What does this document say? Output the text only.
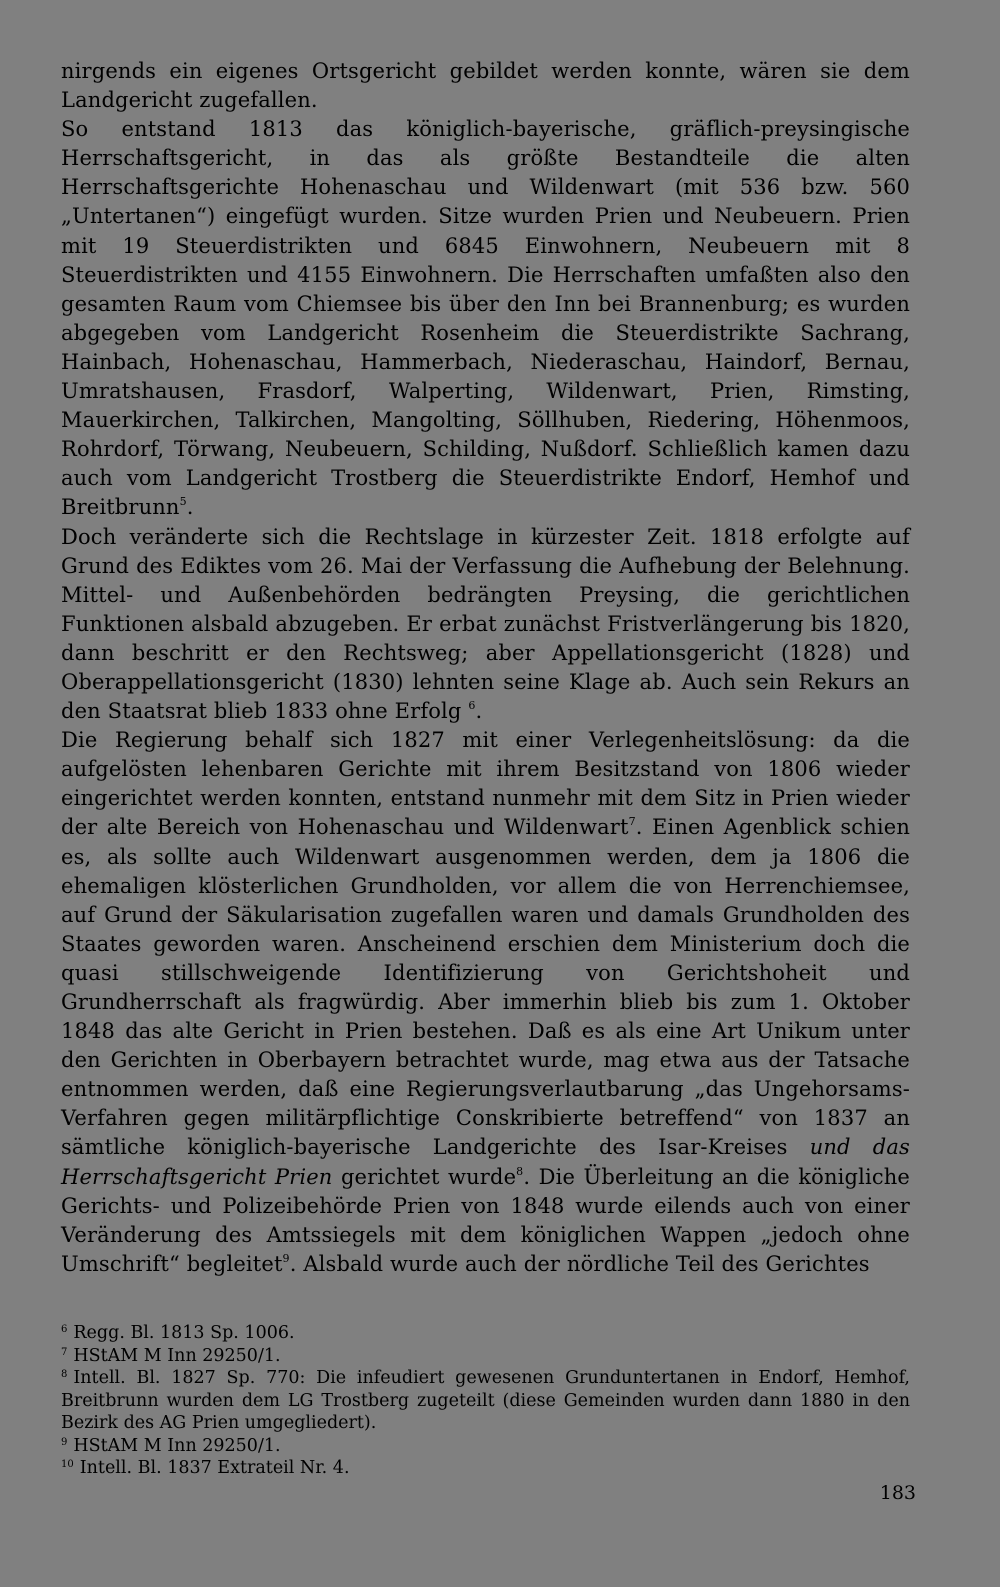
nirgends ein eigenes Ortsgericht gebildet werden konnte, wären sie dem Landgericht zugefallen.

So entstand 1813 das königlich-bayerische, gräflich-preysingische Herrschaftsgericht, in das als größte Bestandteile die alten Herrschaftsgerichte Hohenaschau und Wildenwart (mit 536 bzw. 560 „Untertanen“) eingefügt wurden. Sitze wurden Prien und Neubeuern. Prien mit 19 Steuerdistrikten und 6845 Einwohnern, Neubeuern mit 8 Steuerdistrikten und 4155 Einwohnern. Die Herrschaften umfaßten also den gesamten Raum vom Chiemsee bis über den Inn bei Brannenburg; es wurden abgegeben vom Landgericht Rosenheim die Steuerdistrikte Sachrang, Hainbach, Hohenaschau, Hammerbach, Niederaschau, Haindorf, Bernau, Umratshausen, Frasdorf, Walperting, Wildenwart, Prien, Rimsting, Mauerkirchen, Talkirchen, Mangolting, Söllhuben, Riedering, Höhenmoos, Rohrdorf, Törwang, Neubeuern, Schilding, Nußdorf. Schließlich kamen dazu auch vom Landgericht Trostberg die Steuerdistrikte Endorf, Hemhof und Breitbrunn$^5$.

Doch veränderte sich die Rechtslage in kürzester Zeit. 1818 erfolgte auf Grund des Ediktes vom 26. Mai der Verfassung die Aufhebung der Belehnung. Mittel- und Außenbehörden bedrängten Preysing, die gerichtlichen Funktionen alsbald abzugeben. Er erbat zunächst Fristverlängerung bis 1820, dann beschritt er den Rechtsweg; aber Appellationsgericht (1828) und Oberappellationsgericht (1830) lehnten seine Klage ab. Auch sein Rekurs an den Staatsrat blieb 1833 ohne Erfolg $^6$.

Die Regierung behalf sich 1827 mit einer Verlegenheitslösung: da die aufgelösten lehenbaren Gerichte mit ihrem Besitzstand von 1806 wieder eingerichtet werden konnten, entstand nunmehr mit dem Sitz in Prien wieder der alte Bereich von Hohenaschau und Wildenwart$^7$. Einen Agenblick schien es, als sollte auch Wildenwart ausgenommen werden, dem ja 1806 die ehemaligen klösterlichen Grundholden, vor allem die von Herrenchiemsee, auf Grund der Säkularisation zugefallen waren und damals Grundholden des Staates geworden waren. Anscheinend erschien dem Ministerium doch die quasi stillschweigende Identifizierung von Gerichtshoheit und Grundherrschaft als fragwürdig. Aber immerhin blieb bis zum 1. Oktober 1848 das alte Gericht in Prien bestehen. Daß es als eine Art Unikum unter den Gerichten in Oberbayern betrachtet wurde, mag etwa aus der Tatsache entnommen werden, daß eine Regierungsverlautbarung „das Ungehorsams-Verfahren gegen militärpflichtige Conskribierte betreffend“ von 1837 an sämtliche königlich-bayerische Landgerichte des Isar-Kreises und das Herrschaftsgericht Prien gerichtet wurde$^8$. Die Überleitung an die königliche Gerichts- und Polizeibehörde Prien von 1848 wurde eilends auch von einer Veränderung des Amtssiegels mit dem königlichen Wappen „jedoch ohne Umschrift“ begleitet$^9$. Alsbald wurde auch der nördliche Teil des Gerichtes

$^6$ Regg. Bl. 1813 Sp. 1006.

$^7$ HStAM M Inn 29250/1.

$^8$ Intell. Bl. 1827 Sp. 770: Die infeudiert gewesenen Grunduntertanen in Endorf, Hemhof, Breitbrunn wurden dem LG Trostberg zugeteilt (diese Gemeinden wurden dann 1880 in den Bezirk des AG Prien umgegliedert).

$^9$ HStAM M Inn 29250/1.

$^{10}$ Intell. Bl. 1837 Extrateil Nr. 4.

183
